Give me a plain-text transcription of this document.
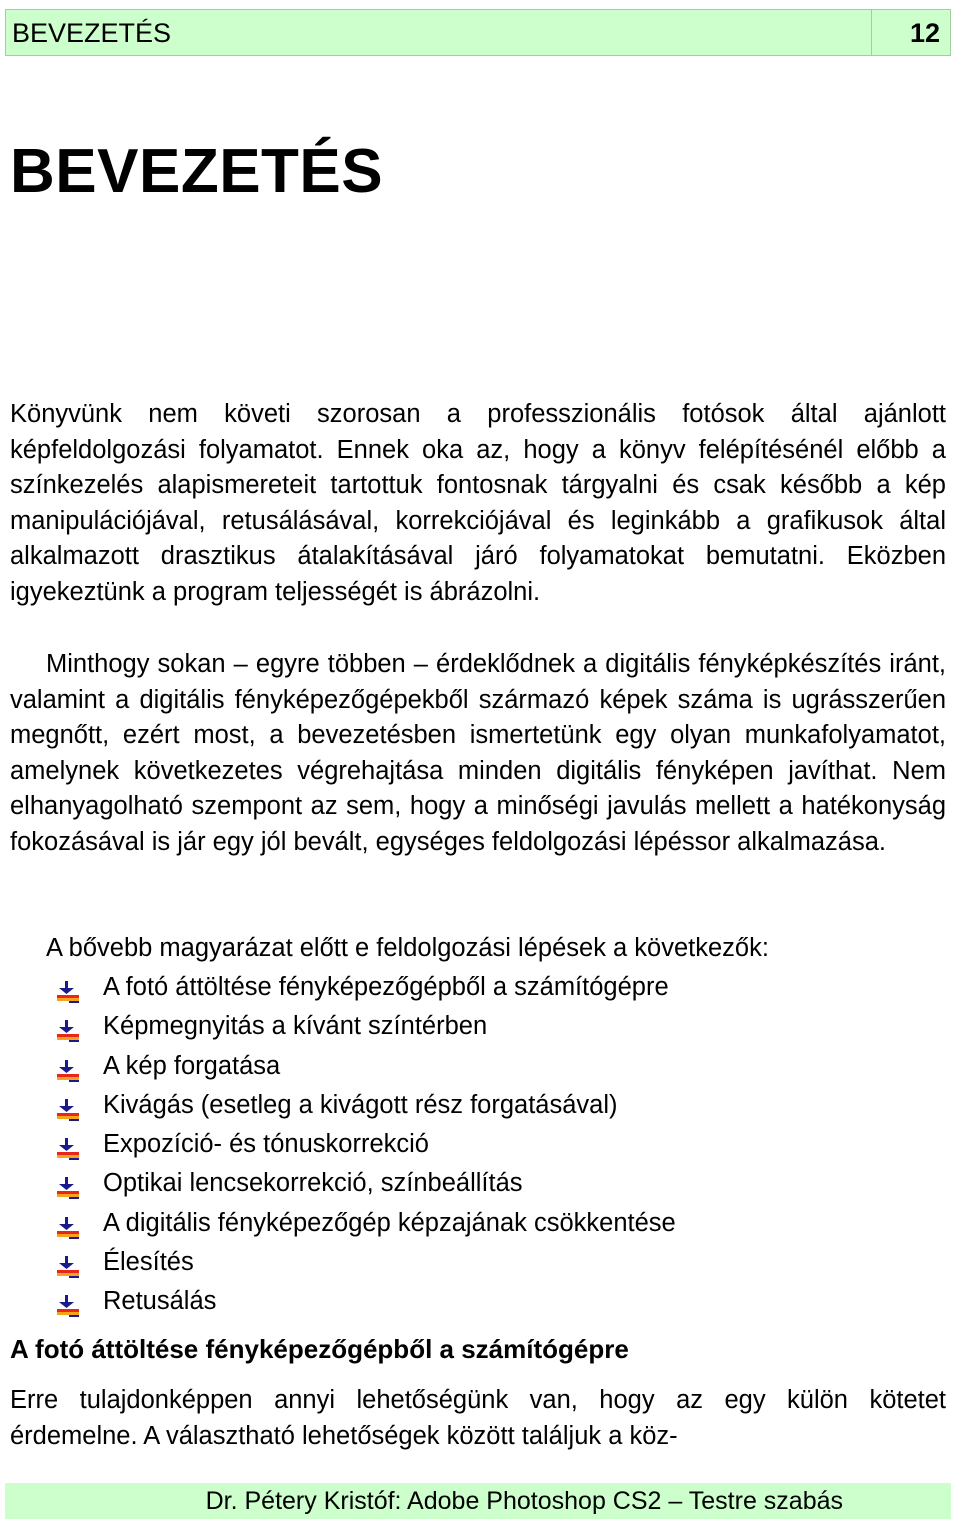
BEVEZETÉS	12
BEVEZETÉS

Könyvünk nem követi szorosan a professzionális fotósok által ajánlott képfeldolgozási folyamatot. Ennek oka az, hogy a könyv felépítésénél előbb a színkezelés alapismereteit tartottuk fontosnak tárgyalni és csak később a kép manipulációjával, retusálásával, korrekciójával és leginkább a grafikusok által alkalmazott drasztikus átalakításával járó folyamatokat bemutatni. Eközben igyekeztünk a program teljességét is ábrázolni.

Minthogy sokan – egyre többen – érdeklődnek a digitális fényképkészítés iránt, valamint a digitális fényképezőgépekből származó képek száma is ugrásszerűen megnőtt, ezért most, a bevezetésben ismertetünk egy olyan munkafolyamatot, amelynek következetes végrehajtása minden digitális fényképen javíthat. Nem elhanyagolható szempont az sem, hogy a minőségi javulás mellett a hatékonyság fokozásával is jár egy jól bevált, egységes feldolgozási lépéssor alkalmazása.

A bővebb magyarázat előtt e feldolgozási lépések a következők:

A fotó áttöltése fényképezőgépből a számítógépre
Képmegnyitás a kívánt színtérben
A kép forgatása
Kivágás (esetleg a kivágott rész forgatásával)
Expozíció- és tónuskorrekció
Optikai lencsekorrekció, színbeállítás
A digitális fényképezőgép képzajának csökkentése
Élesítés
Retusálás
A fotó áttöltése fényképezőgépből a számítógépre

Erre tulajdonképpen annyi lehetőségünk van, hogy az egy külön kötetet érdemelne. A választható lehetőségek között találjuk a köz-

Dr. Pétery Kristóf: Adobe Photoshop CS2 – Testre szabás
